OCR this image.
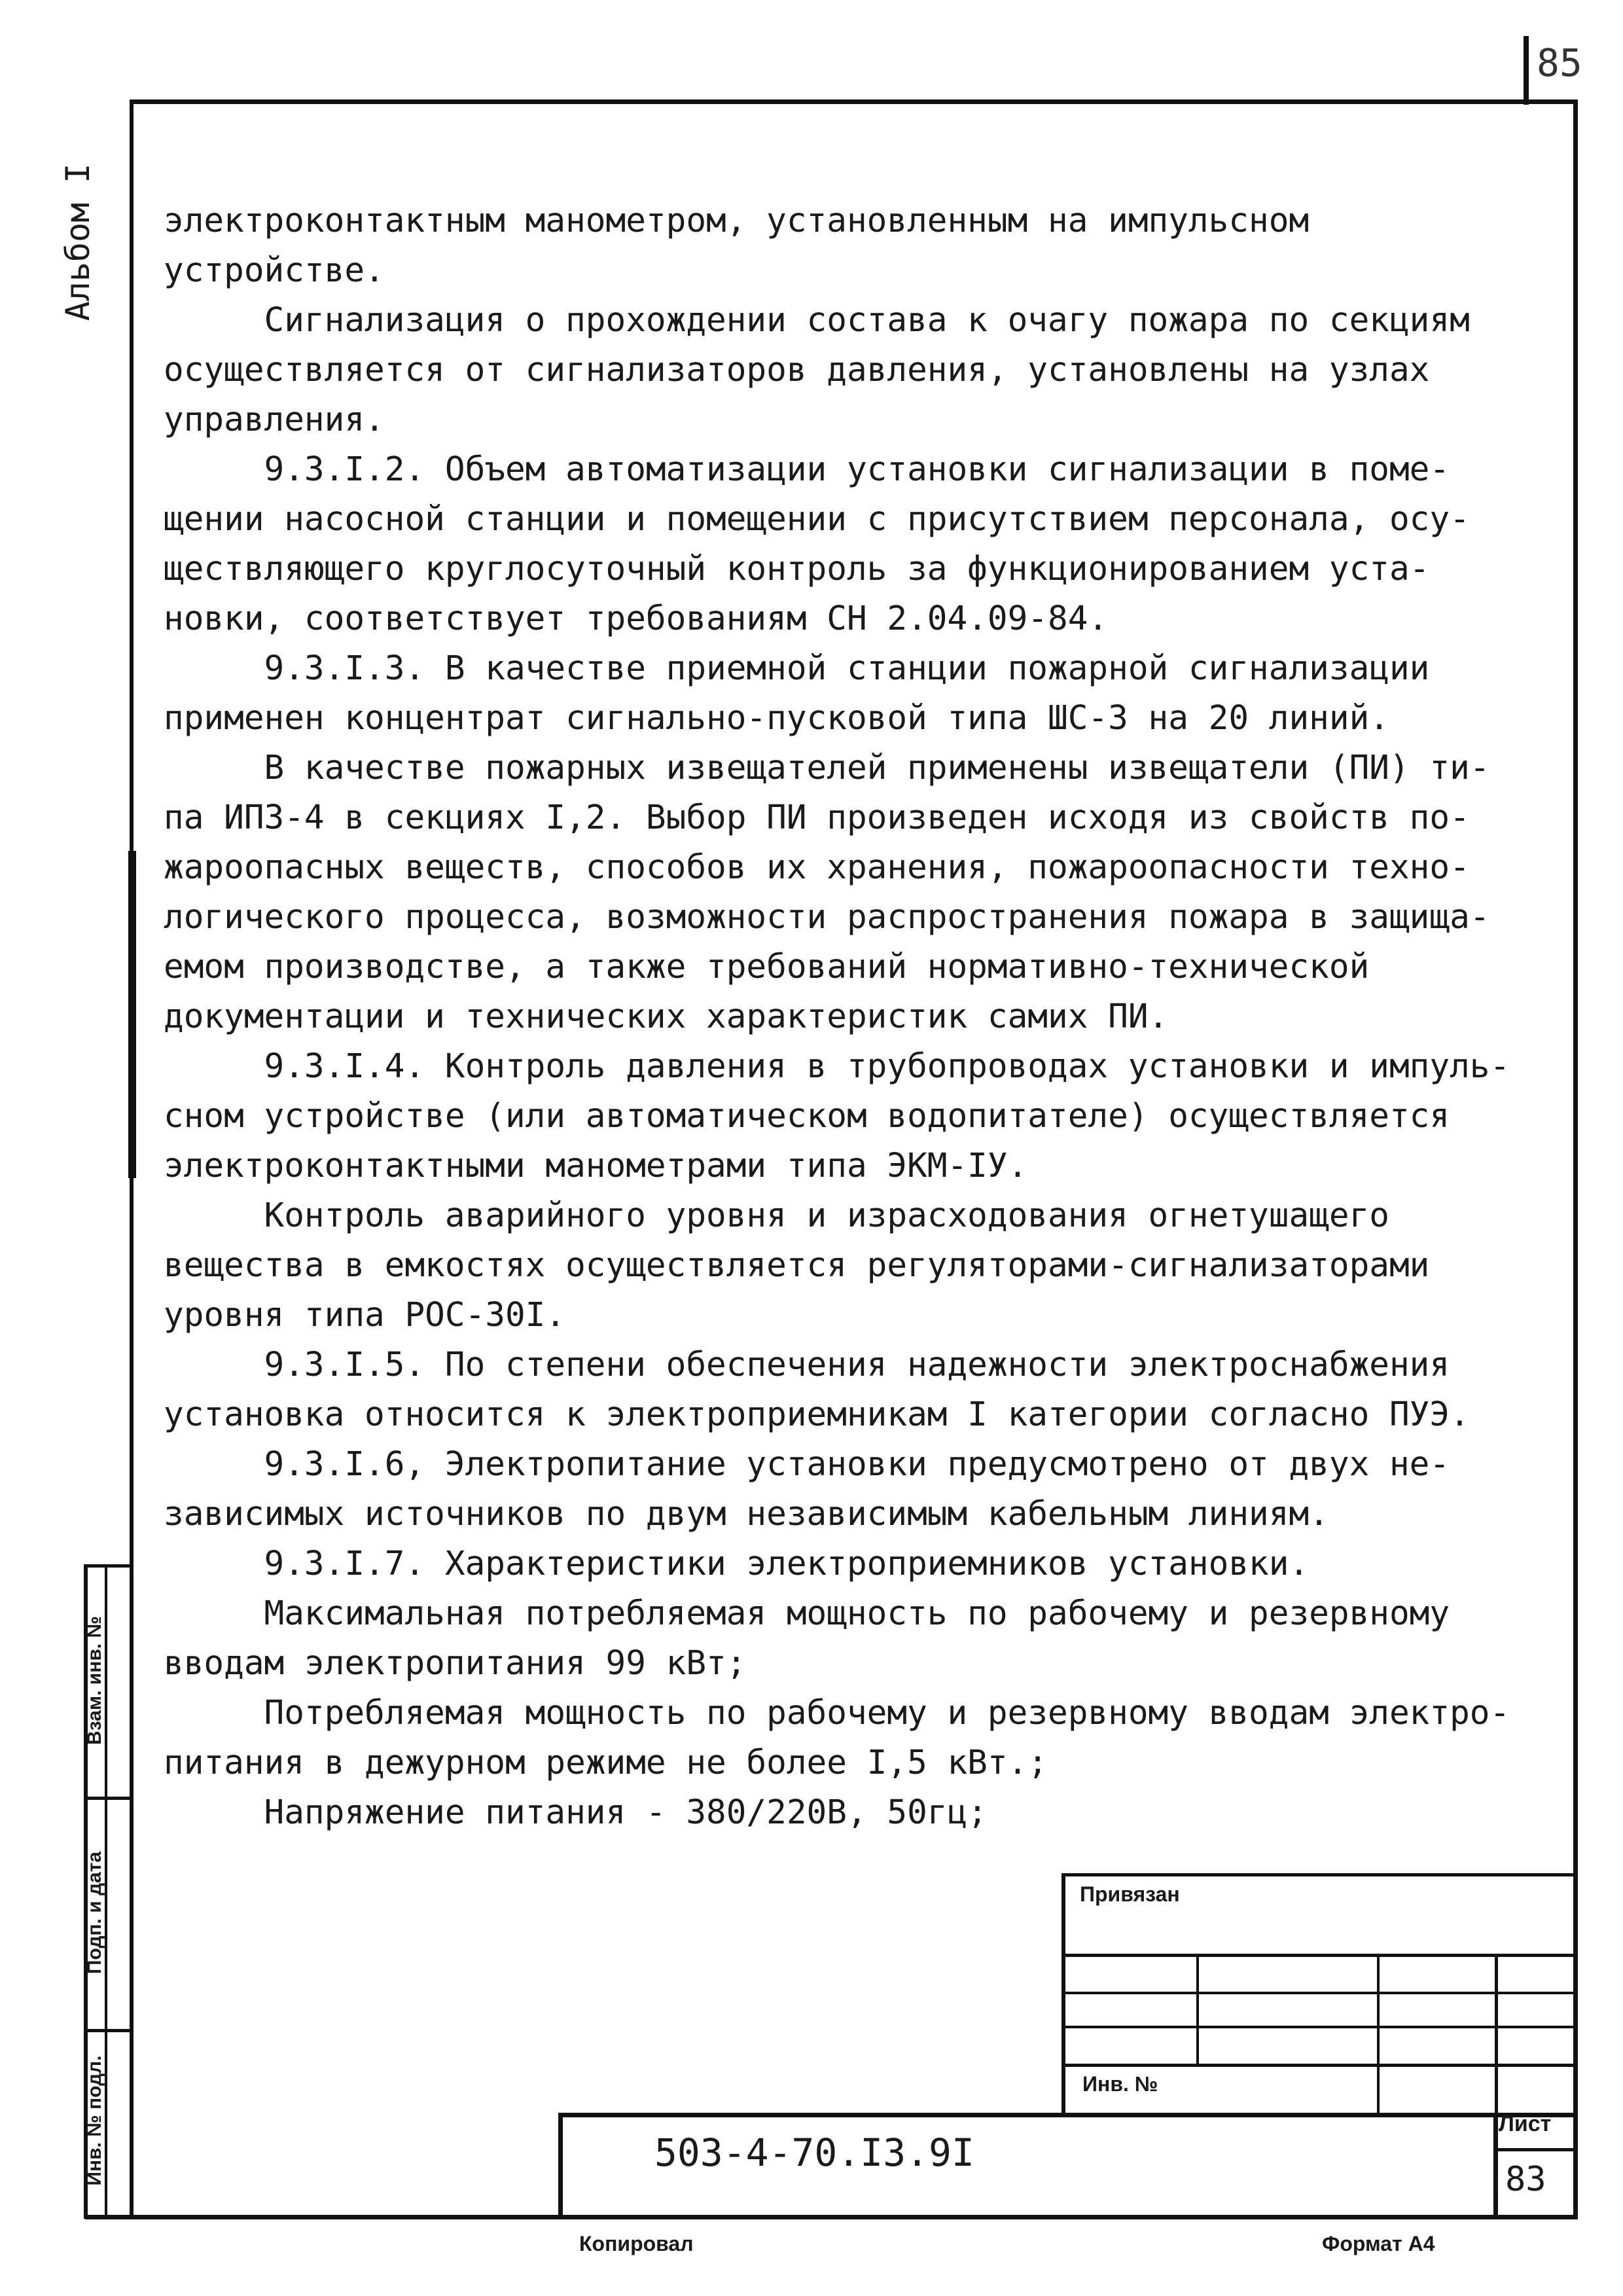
85
Альбом I	электроконтактным манометром, установленным на импульсном

устройстве.

Сигнализация о прохождении состава к очагу пожара по секциям

осуществляется от сигнализаторов давления, установлены на узлах

управления.

9.3.I.2. Объем автоматизации установки сигнализации в поме-

щении насосной станции и помещении с присутствием персонала, осу-

ществляющего круглосуточный контроль за функционированием уста-

новки, соответствует требованиям СН 2.04.09-84.

9.3.I.3. В качестве приемной станции пожарной сигнализации

применен концентрат сигнально-пусковой типа ШС-3 на 20 линий.

В качестве пожарных извещателей применены извещатели (ПИ) ти-

па ИПЗ-4 в секциях I,2. Выбор ПИ произведен исходя из свойств по-

жароопасных веществ, способов их хранения, пожароопасности техно-

логического процесса, возможности распространения пожара в защища-

емом производстве, а также требований нормативно-технической

документации и технических характеристик самих ПИ.

9.3.I.4. Контроль давления в трубопроводах установки и импуль-

сном устройстве (или автоматическом водопитателе) осуществляется

электроконтактными манометрами типа ЭКМ-IУ.

Контроль аварийного уровня и израсходования огнетушащего

вещества в емкостях осуществляется регуляторами-сигнализаторами

уровня типа РОС-30I.

9.3.I.5. По степени обеспечения надежности электроснабжения

установка относится к электроприемникам I категории согласно ПУЭ.

9.3.I.6, Электропитание установки предусмотрено от двух не-

зависимых источников по двум независимым кабельным линиям.

9.3.I.7. Характеристики электроприемников установки.

Максимальная потребляемая мощность по рабочему и резервному

вводам электропитания 99 кВт;

Потребляемая мощность по рабочему и резервному вводам электро-

питания в дежурном режиме не более I,5 кВт.;

Напряжение питания - 380/220В, 50гц;

Взам. инв. №
Подп. и дата
Инв. № подл.
Привязан
Инв. №
503-4-70.I3.9I
Лист
83
Копировал	Формат А4
